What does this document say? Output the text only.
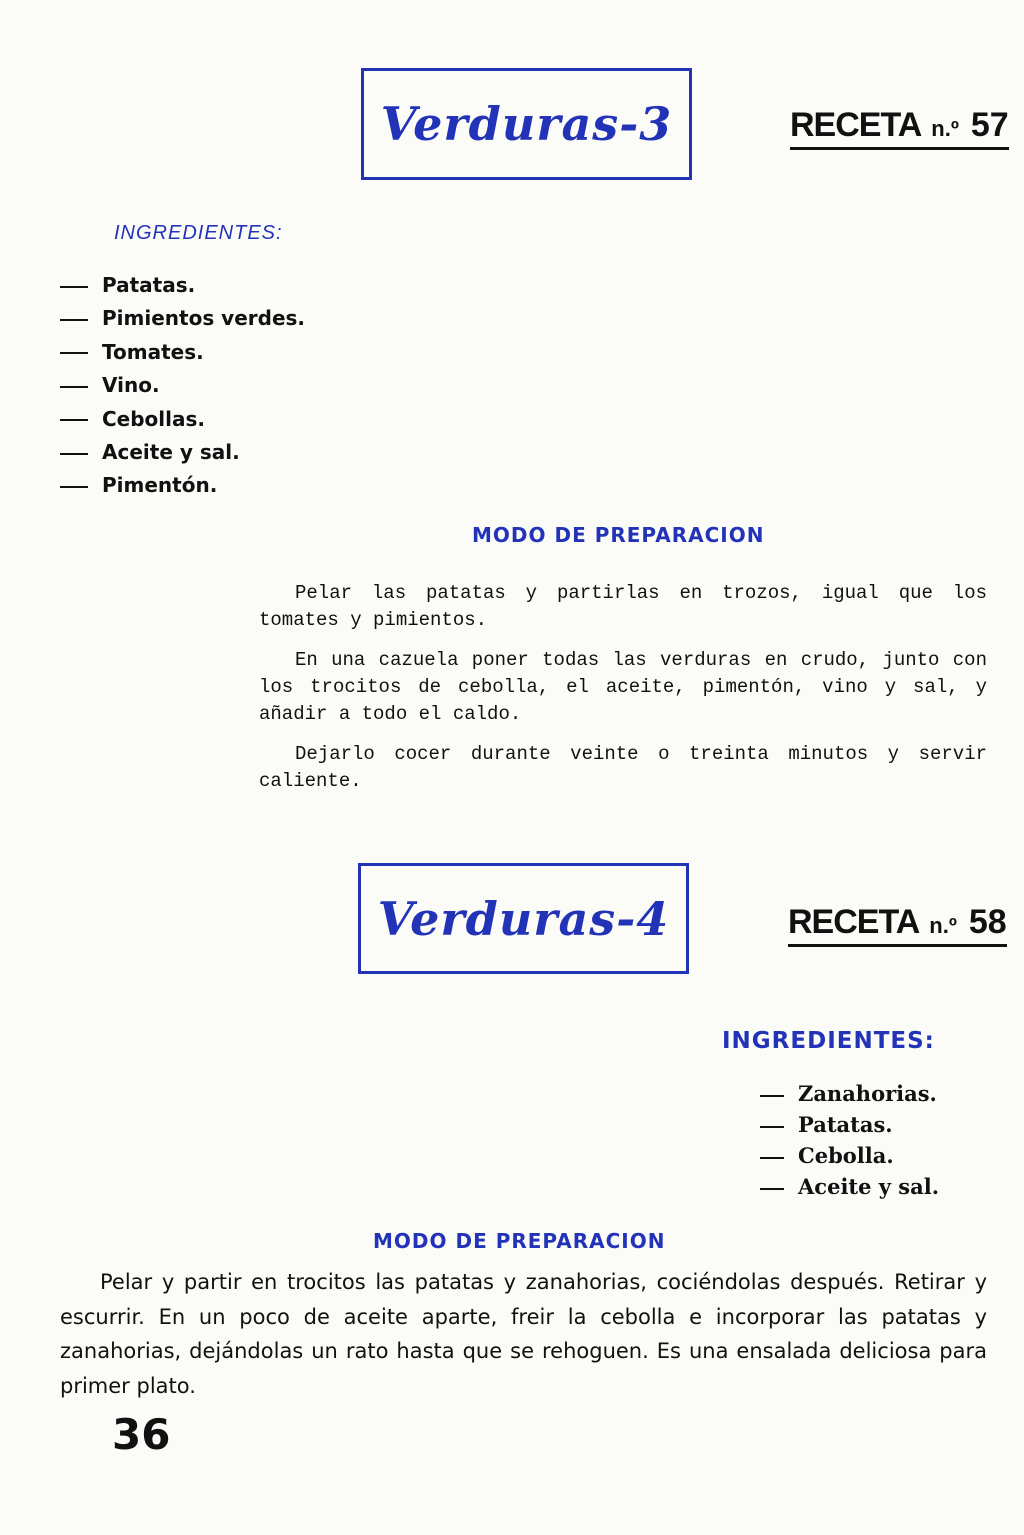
Verduras-3	RECETA n.º 57
INGREDIENTES:
Patatas.
Pimientos verdes.
Tomates.
Vino.
Cebollas.
Aceite y sal.
Pimentón.
MODO DE PREPARACION

Pelar las patatas y partirlas en trozos, igual que los tomates y pimientos.

En una cazuela poner todas las verduras en crudo, junto con los trocitos de cebolla, el aceite, pimentón, vino y sal, y añadir a todo el caldo.

Dejarlo cocer durante veinte o treinta minutos y servir caliente.

Verduras-4	RECETA n.º 58
INGREDIENTES:
Zanahorias.
Patatas.
Cebolla.
Aceite y sal.
MODO DE PREPARACION

Pelar y partir en trocitos las patatas y zanahorias, cociéndolas después. Retirar y escurrir. En un poco de aceite aparte, freir la cebolla e incorporar las patatas y zanahorias, dejándolas un rato hasta que se rehoguen. Es una ensalada deliciosa para primer plato.

36
